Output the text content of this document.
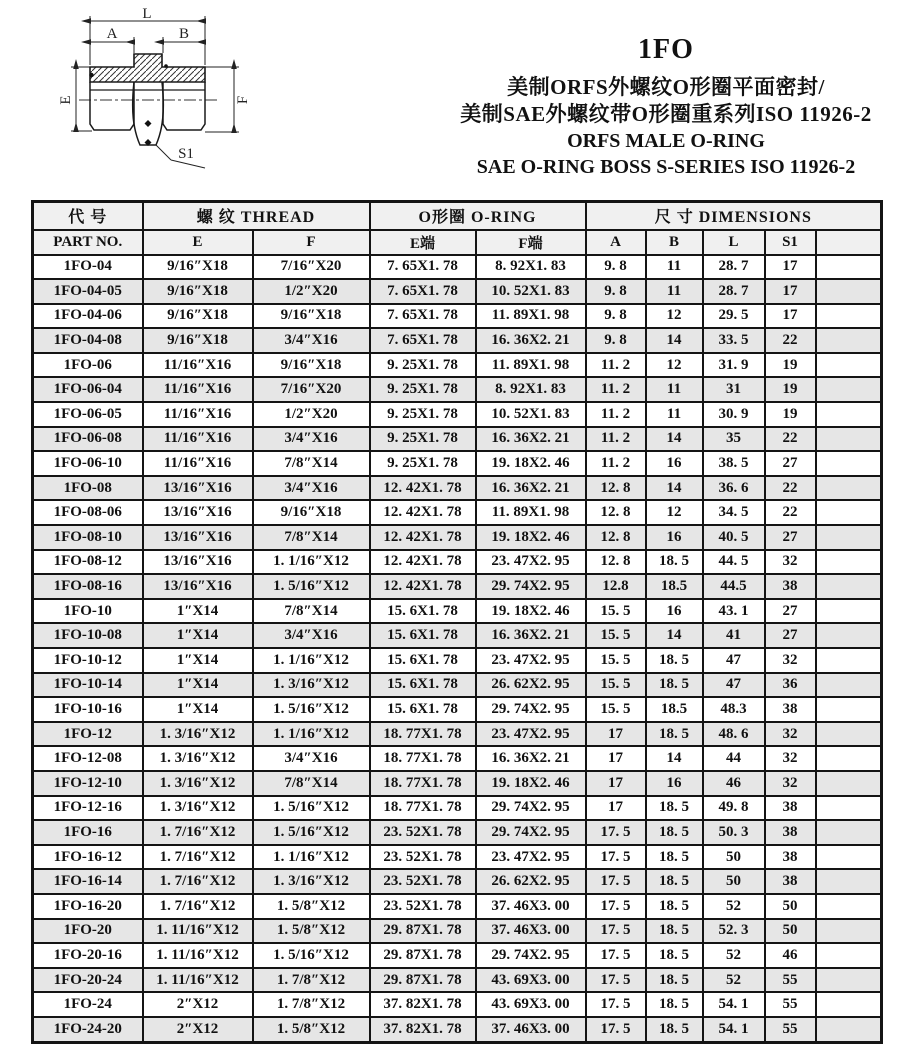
L
A	B
E	F
S1
1FO
美制ORFS外螺纹O形圈平面密封/
美制SAE外螺纹带O形圈重系列ISO 11926-2
ORFS MALE O-RING
SAE O-RING BOSS S-SERIES ISO 11926-2
代 号	螺 纹 THREAD		O形圈 O-RING		尺 寸 DIMENSIONS				
PART NO.	E	F	E端	F端	A	B	L	S1	
1FO-04	9/16″X18	7/16″X20	7. 65X1. 78	8. 92X1. 83	9. 8	11	28. 7	17	
1FO-04-05	9/16″X18	1/2″X20	7. 65X1. 78	10. 52X1. 83	9. 8	11	28. 7	17	
1FO-04-06	9/16″X18	9/16″X18	7. 65X1. 78	11. 89X1. 98	9. 8	12	29. 5	17	
1FO-04-08	9/16″X18	3/4″X16	7. 65X1. 78	16. 36X2. 21	9. 8	14	33. 5	22	
1FO-06	11/16″X16	9/16″X18	9. 25X1. 78	11. 89X1. 98	11. 2	12	31. 9	19	
1FO-06-04	11/16″X16	7/16″X20	9. 25X1. 78	8. 92X1. 83	11. 2	11	31	19	
1FO-06-05	11/16″X16	1/2″X20	9. 25X1. 78	10. 52X1. 83	11. 2	11	30. 9	19	
1FO-06-08	11/16″X16	3/4″X16	9. 25X1. 78	16. 36X2. 21	11. 2	14	35	22	
1FO-06-10	11/16″X16	7/8″X14	9. 25X1. 78	19. 18X2. 46	11. 2	16	38. 5	27	
1FO-08	13/16″X16	3/4″X16	12. 42X1. 78	16. 36X2. 21	12. 8	14	36. 6	22	
1FO-08-06	13/16″X16	9/16″X18	12. 42X1. 78	11. 89X1. 98	12. 8	12	34. 5	22	
1FO-08-10	13/16″X16	7/8″X14	12. 42X1. 78	19. 18X2. 46	12. 8	16	40. 5	27	
1FO-08-12	13/16″X16	1. 1/16″X12	12. 42X1. 78	23. 47X2. 95	12. 8	18. 5	44. 5	32	
1FO-08-16	13/16″X16	1. 5/16″X12	12. 42X1. 78	29. 74X2. 95	12.8	18.5	44.5	38	
1FO-10	1″X14	7/8″X14	15. 6X1. 78	19. 18X2. 46	15. 5	16	43. 1	27	
1FO-10-08	1″X14	3/4″X16	15. 6X1. 78	16. 36X2. 21	15. 5	14	41	27	
1FO-10-12	1″X14	1. 1/16″X12	15. 6X1. 78	23. 47X2. 95	15. 5	18. 5	47	32	
1FO-10-14	1″X14	1. 3/16″X12	15. 6X1. 78	26. 62X2. 95	15. 5	18. 5	47	36	
1FO-10-16	1″X14	1. 5/16″X12	15. 6X1. 78	29. 74X2. 95	15. 5	18.5	48.3	38	
1FO-12	1. 3/16″X12	1. 1/16″X12	18. 77X1. 78	23. 47X2. 95	17	18. 5	48. 6	32	
1FO-12-08	1. 3/16″X12	3/4″X16	18. 77X1. 78	16. 36X2. 21	17	14	44	32	
1FO-12-10	1. 3/16″X12	7/8″X14	18. 77X1. 78	19. 18X2. 46	17	16	46	32	
1FO-12-16	1. 3/16″X12	1. 5/16″X12	18. 77X1. 78	29. 74X2. 95	17	18. 5	49. 8	38	
1FO-16	1. 7/16″X12	1. 5/16″X12	23. 52X1. 78	29. 74X2. 95	17. 5	18. 5	50. 3	38	
1FO-16-12	1. 7/16″X12	1. 1/16″X12	23. 52X1. 78	23. 47X2. 95	17. 5	18. 5	50	38	
1FO-16-14	1. 7/16″X12	1. 3/16″X12	23. 52X1. 78	26. 62X2. 95	17. 5	18. 5	50	38	
1FO-16-20	1. 7/16″X12	1. 5/8″X12	23. 52X1. 78	37. 46X3. 00	17. 5	18. 5	52	50	
1FO-20	1. 11/16″X12	1. 5/8″X12	29. 87X1. 78	37. 46X3. 00	17. 5	18. 5	52. 3	50	
1FO-20-16	1. 11/16″X12	1. 5/16″X12	29. 87X1. 78	29. 74X2. 95	17. 5	18. 5	52	46	
1FO-20-24	1. 11/16″X12	1. 7/8″X12	29. 87X1. 78	43. 69X3. 00	17. 5	18. 5	52	55	
1FO-24	2″X12	1. 7/8″X12	37. 82X1. 78	43. 69X3. 00	17. 5	18. 5	54. 1	55	
1FO-24-20	2″X12	1. 5/8″X12	37. 82X1. 78	37. 46X3. 00	17. 5	18. 5	54. 1	55	
